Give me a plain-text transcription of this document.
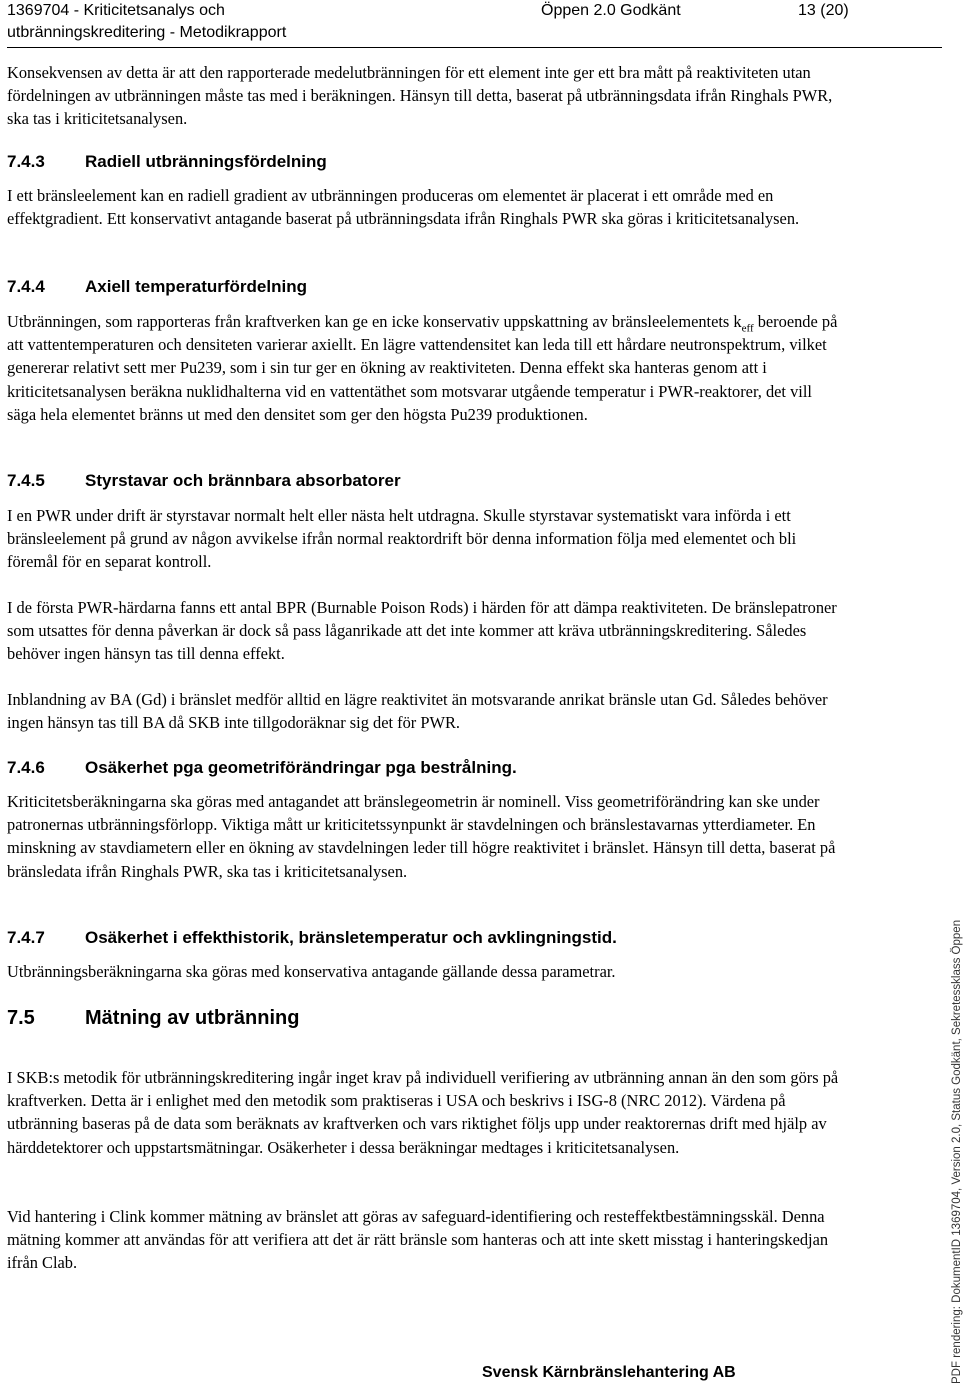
1369704 - Kriticitetsanalys och
utbränningskreditering - Metodikrapport
Öppen 2.0 Godkänt	13 (20)

Konsekvensen av detta är att den rapporterade medelutbränningen för ett element inte ger ett bra mått på reaktiviteten utan fördelningen av utbränningen måste tas med i beräkningen. Hänsyn till detta, baserat på utbränningsdata ifrån Ringhals PWR, ska tas i kriticitetsanalysen.

7.4.3 Radiell utbränningsfördelning

I ett bränsleelement kan en radiell gradient av utbränningen produceras om elementet är placerat i ett område med en effektgradient. Ett konservativt antagande baserat på utbränningsdata ifrån Ringhals PWR ska göras i kriticitetsanalysen.

7.4.4 Axiell temperaturfördelning

Utbränningen, som rapporteras från kraftverken kan ge en icke konservativ uppskattning av bränsleelementets $k_{eff}$ beroende på att vattentemperaturen och densiteten varierar axiellt. En lägre vattendensitet kan leda till ett hårdare neutronspektrum, vilket genererar relativt sett mer Pu239, som i sin tur ger en ökning av reaktiviteten. Denna effekt ska hanteras genom att i kriticitetsanalysen beräkna nuklidhalterna vid en vattentäthet som motsvarar utgående temperatur i PWR-reaktorer, det vill säga hela elementet bränns ut med den densitet som ger den högsta Pu239 produktionen.

7.4.5 Styrstavar och brännbara absorbatorer

I en PWR under drift är styrstavar normalt helt eller nästa helt utdragna. Skulle styrstavar systematiskt vara införda i ett bränsleelement på grund av någon avvikelse ifrån normal reaktordrift bör denna information följa med elementet och bli föremål för en separat kontroll.

I de första PWR-härdarna fanns ett antal BPR (Burnable Poison Rods) i härden för att dämpa reaktiviteten. De bränslepatroner som utsattes för denna påverkan är dock så pass låganrikade att det inte kommer att kräva utbränningskreditering. Således behöver ingen hänsyn tas till denna effekt.

Inblandning av BA (Gd) i bränslet medför alltid en lägre reaktivitet än motsvarande anrikat bränsle utan Gd. Således behöver ingen hänsyn tas till BA då SKB inte tillgodoräknar sig det för PWR.

7.4.6 Osäkerhet pga geometriförändringar pga bestrålning.

Kriticitetsberäkningarna ska göras med antagandet att bränslegeometrin är nominell. Viss geometriförändring kan ske under patronernas utbränningsförlopp. Viktiga mått ur kriticitetssynpunkt är stavdelningen och bränslestavarnas ytterdiameter. En minskning av stavdiametern eller en ökning av stavdelningen leder till högre reaktivitet i bränslet. Hänsyn till detta, baserat på bränsledata ifrån Ringhals PWR, ska tas i kriticitetsanalysen.

7.4.7 Osäkerhet i effekthistorik, bränsletemperatur och avklingningstid.

Utbränningsberäkningarna ska göras med konservativa antagande gällande dessa parametrar.

7.5	Mätning av utbränning

I SKB:s metodik för utbränningskreditering ingår inget krav på individuell verifiering av utbränning annan än den som görs på kraftverken. Detta är i enlighet med den metodik som praktiseras i USA och beskrivs i ISG-8 (NRC 2012). Värdena på utbränning baseras på de data som beräknats av kraftverken och vars riktighet följs upp under reaktorernas drift med hjälp av härddetektorer och uppstartsmätningar. Osäkerheter i dessa beräkningar medtages i kriticitetsanalysen.

Vid hantering i Clink kommer mätning av bränslet att göras av safeguard-identifiering och resteffektbestämningsskäl. Denna mätning kommer att användas för att verifiera att det är rätt bränsle som hanteras och att inte skett misstag i hanteringskedjan ifrån Clab.

Svensk Kärnbränslehantering AB	PDF rendering: DokumentID 1369704, Version 2.0, Status Godkänt, Sekretessklass Öppen
